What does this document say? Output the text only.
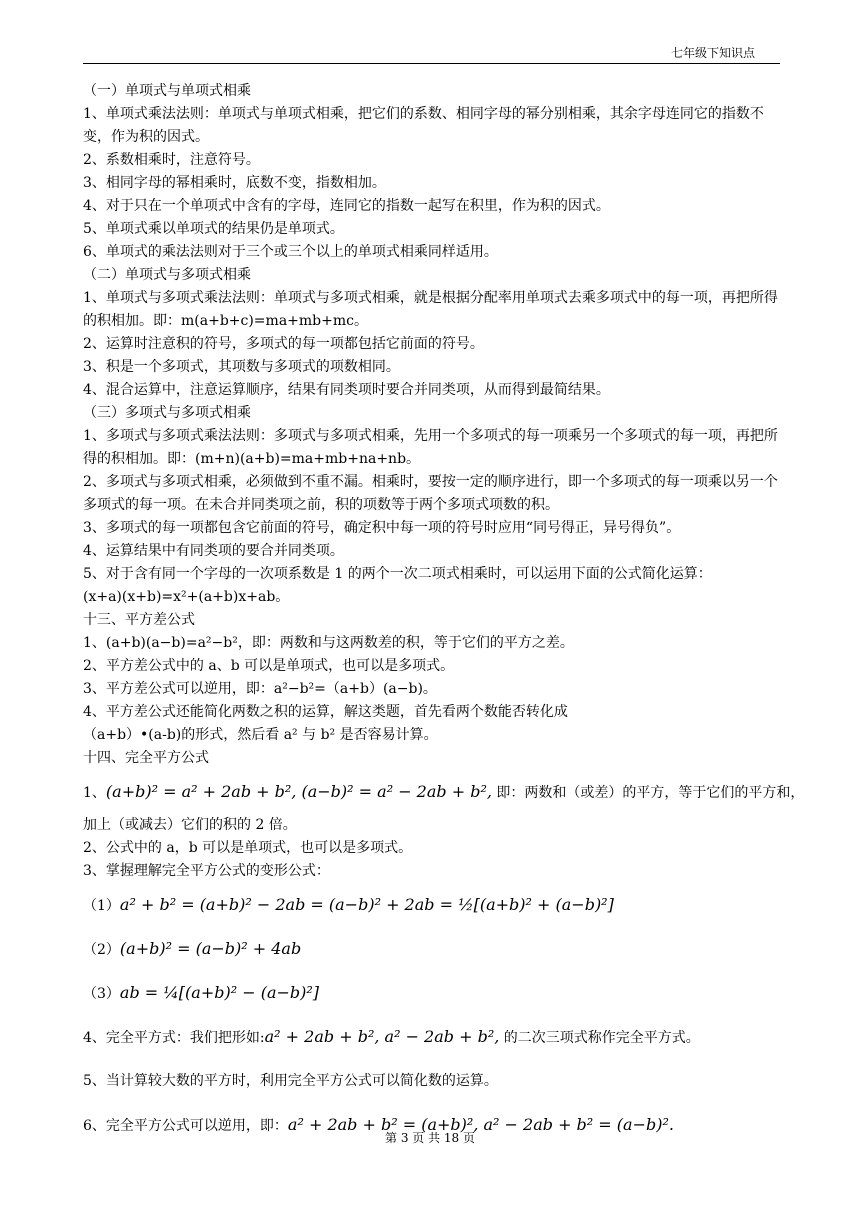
七年级下知识点
（一）单项式与单项式相乘
1、单项式乘法法则：单项式与单项式相乘，把它们的系数、相同字母的幂分别相乘，其余字母连同它的指数不变，作为积的因式。
2、系数相乘时，注意符号。
3、相同字母的幂相乘时，底数不变，指数相加。
4、对于只在一个单项式中含有的字母，连同它的指数一起写在积里，作为积的因式。
5、单项式乘以单项式的结果仍是单项式。
6、单项式的乘法法则对于三个或三个以上的单项式相乘同样适用。
（二）单项式与多项式相乘
1、单项式与多项式乘法法则：单项式与多项式相乘，就是根据分配率用单项式去乘多项式中的每一项，再把所得的积相加。即：m(a+b+c)=ma+mb+mc。
2、运算时注意积的符号，多项式的每一项都包括它前面的符号。
3、积是一个多项式，其项数与多项式的项数相同。
4、混合运算中，注意运算顺序，结果有同类项时要合并同类项，从而得到最简结果。
（三）多项式与多项式相乘
1、多项式与多项式乘法法则：多项式与多项式相乘，先用一个多项式的每一项乘另一个多项式的每一项，再把所得的积相加。即：(m+n)(a+b)=ma+mb+na+nb。
2、多项式与多项式相乘，必须做到不重不漏。相乘时，要按一定的顺序进行，即一个多项式的每一项乘以另一个多项式的每一项。在未合并同类项之前，积的项数等于两个多项式项数的积。
3、多项式的每一项都包含它前面的符号，确定积中每一项的符号时应用“同号得正，异号得负”。
4、运算结果中有同类项的要合并同类项。
5、对于含有同一个字母的一次项系数是 1 的两个一次二项式相乘时，可以运用下面的公式简化运算：
(x+a)(x+b)=x²+(a+b)x+ab。
十三、平方差公式
1、(a+b)(a−b)=a²−b²，即：两数和与这两数差的积，等于它们的平方之差。
2、平方差公式中的 a、b 可以是单项式，也可以是多项式。
3、平方差公式可以逆用，即：a²−b²=（a+b）(a−b)。
4、平方差公式还能简化两数之积的运算，解这类题，首先看两个数能否转化成
（a+b）•(a-b)的形式，然后看 a² 与 b² 是否容易计算。
十四、完全平方公式
1、(a+b)² = a² + 2ab + b², (a−b)² = a² − 2ab + b², 即：两数和（或差）的平方，等于它们的平方和，
加上（或减去）它们的积的 2 倍。
2、公式中的 a，b 可以是单项式，也可以是多项式。
3、掌握理解完全平方公式的变形公式：
（1）a² + b² = (a+b)² − 2ab = (a−b)² + 2ab = ½[(a+b)² + (a−b)²]
（2）(a+b)² = (a−b)² + 4ab
（3）ab = ¼[(a+b)² − (a−b)²]
4、完全平方式：我们把形如:a² + 2ab + b², a² − 2ab + b², 的二次三项式称作完全平方式。
5、当计算较大数的平方时，利用完全平方公式可以简化数的运算。
6、完全平方公式可以逆用，即：a² + 2ab + b² = (a+b)², a² − 2ab + b² = (a−b)².
第 3 页 共 18 页
